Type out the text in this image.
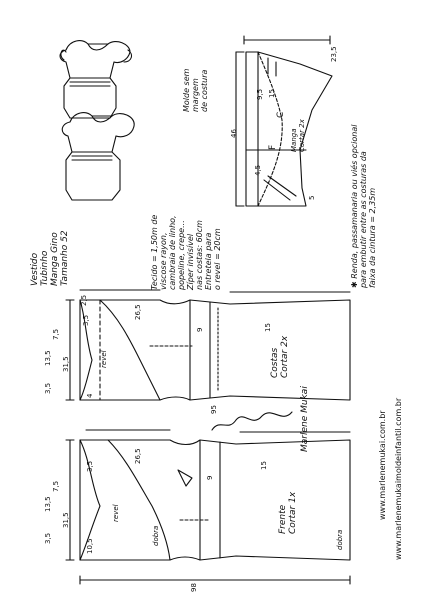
Vestido Tubinho Manga Gino Tamanho 52	Tecido = 1,50m de viscose rayon, cambraia de linho, popeline, crepe... Zíper invisível nas costas: 60cm Entretela para o revel = 20cm
Molde sem margem de costura
46
23,5
15
9,5
C
F Manga Cortar 2x
4,5
5	✱ Renda, passamanaria ou viés opcional para embutir entre as costuras da faixa da cintura = 2,35m
31,5
13,5
7,5
3,5
3,5
2,5
26,5
4
9	15
revel	Costas Cortar 2x
95
31,5
13,5
7,5
3,5
3,5
10,5
26,5
9
15
revel
dobra	dobra
Frente Cortar 1x
98
Marlene Mukai	www.marlenemukai.com.br www.marlenemukaimoldeinfantil.com.br
